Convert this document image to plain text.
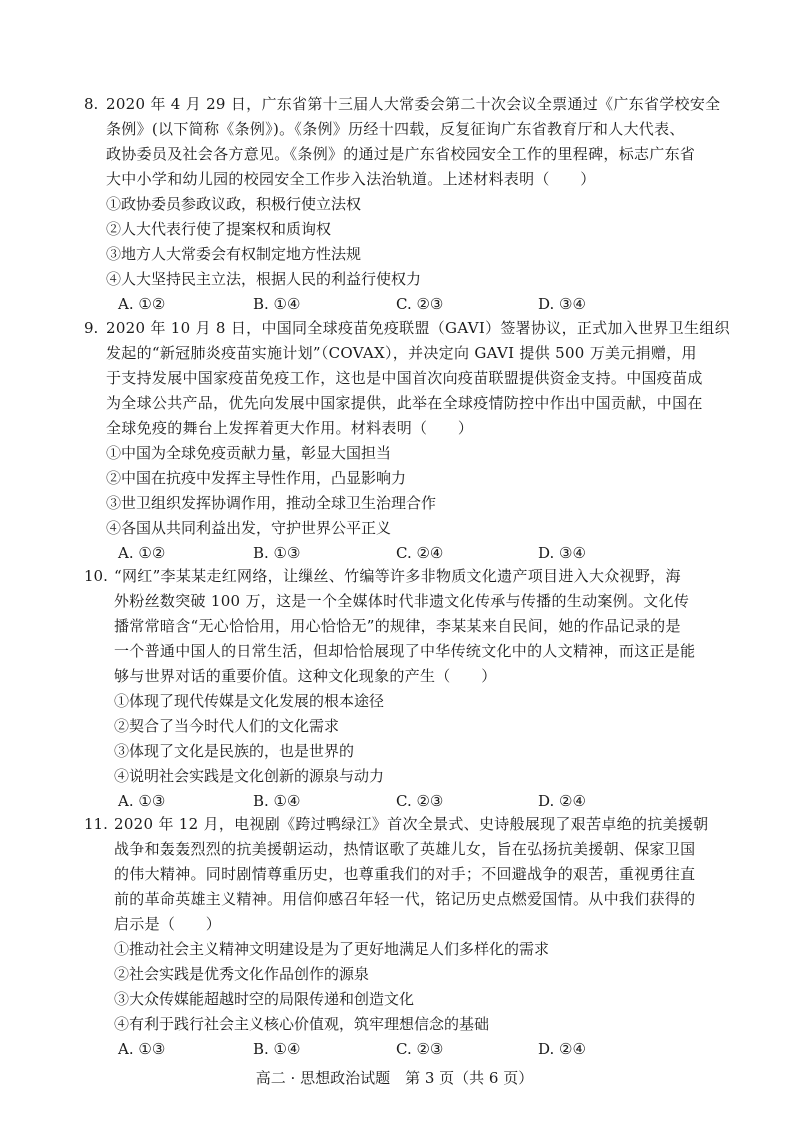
8. 2020 年 4 月 29 日，广东省第十三届人大常委会第二十次会议全票通过《广东省学校安全
条例》(以下简称《条例》)。《条例》历经十四载，反复征询广东省教育厅和人大代表、
政协委员及社会各方意见。《条例》的通过是广东省校园安全工作的里程碑，标志广东省
大中小学和幼儿园的校园安全工作步入法治轨道。上述材料表明（　　）
①政协委员参政议政，积极行使立法权
②人大代表行使了提案权和质询权
③地方人大常委会有权制定地方性法规
④人大坚持民主立法，根据人民的利益行使权力
A. ①②	B. ①④	C. ②③	D. ③④
9. 2020 年 10 月 8 日，中国同全球疫苗免疫联盟（GAVI）签署协议，正式加入世界卫生组织
发起的“新冠肺炎疫苗实施计划”（COVAX），并决定向 GAVI 提供 500 万美元捐赠，用
于支持发展中国家疫苗免疫工作，这也是中国首次向疫苗联盟提供资金支持。中国疫苗成
为全球公共产品，优先向发展中国家提供，此举在全球疫情防控中作出中国贡献，中国在
全球免疫的舞台上发挥着更大作用。材料表明（　　）
①中国为全球免疫贡献力量，彰显大国担当
②中国在抗疫中发挥主导性作用，凸显影响力
③世卫组织发挥协调作用，推动全球卫生治理合作
④各国从共同利益出发，守护世界公平正义
A. ①②	B. ①③	C. ②④	D. ③④
10. “网红”李某某走红网络，让缫丝、竹编等许多非物质文化遗产项目进入大众视野，海
外粉丝数突破 100 万，这是一个全媒体时代非遗文化传承与传播的生动案例。文化传
播常常暗含“无心恰恰用，用心恰恰无”的规律，李某某来自民间，她的作品记录的是
一个普通中国人的日常生活，但却恰恰展现了中华传统文化中的人文精神，而这正是能
够与世界对话的重要价值。这种文化现象的产生（　　）
①体现了现代传媒是文化发展的根本途径
②契合了当今时代人们的文化需求
③体现了文化是民族的，也是世界的
④说明社会实践是文化创新的源泉与动力
A. ①③	B. ①④	C. ②③	D. ②④
11. 2020 年 12 月，电视剧《跨过鸭绿江》首次全景式、史诗般展现了艰苦卓绝的抗美援朝
战争和轰轰烈烈的抗美援朝运动，热情讴歌了英雄儿女，旨在弘扬抗美援朝、保家卫国
的伟大精神。同时剧情尊重历史，也尊重我们的对手；不回避战争的艰苦，重视勇往直
前的革命英雄主义精神。用信仰感召年轻一代，铭记历史点燃爱国情。从中我们获得的
启示是（　　）
①推动社会主义精神文明建设是为了更好地满足人们多样化的需求
②社会实践是优秀文化作品创作的源泉
③大众传媒能超越时空的局限传递和创造文化
④有利于践行社会主义核心价值观，筑牢理想信念的基础
A. ①③	B. ①④	C. ②③	D. ②④
高二 · 思想政治试题　第 3 页（共 6 页）
